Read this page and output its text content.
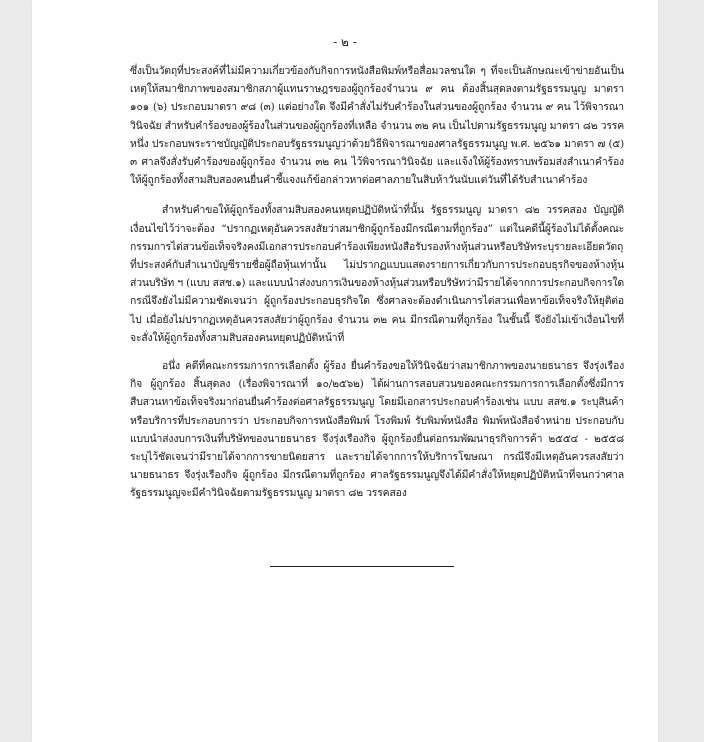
- ๒ -

ซึ่งเป็นวัตถุที่ประสงค์ที่ไม่มีความเกี่ยวข้องกับกิจการหนังสือพิมพ์หรือสื่อมวลชนใด ๆ ที่จะเป็นลักษณะเข้าข่ายอันเป็นเหตุให้สมาชิกภาพของสมาชิกสภาผู้แทนราษฎรของผู้ถูกร้องจำนวน ๙ คน ต้องสิ้นสุดลงตามรัฐธรรมนูญ มาตรา ๑๐๑ (๖) ประกอบมาตรา ๙๘ (๓) แต่อย่างใด จึงมีคำสั่งไม่รับคำร้องในส่วนของผู้ถูกร้อง จำนวน ๙ คน ไว้พิจารณาวินิจฉัย สำหรับคำร้องของผู้ร้องในส่วนของผู้ถูกร้องที่เหลือ จำนวน ๓๒ คน เป็นไปตามรัฐธรรมนูญ มาตรา ๘๒ วรรคหนึ่ง ประกอบพระราชบัญญัติประกอบรัฐธรรมนูญว่าด้วยวิธีพิจารณาของศาลรัฐธรรมนูญ พ.ศ. ๒๕๖๑ มาตรา ๗ (๕) ๓ ศาลจึงสั่งรับคำร้องของผู้ถูกร้อง จำนวน ๓๒ คน ไว้พิจารณาวินิจฉัย และแจ้งให้ผู้ร้องทราบพร้อมส่งสำเนาคำร้องให้ผู้ถูกร้องทั้งสามสิบสองคนยื่นคำชี้แจงแก้ข้อกล่าวหาต่อศาลภายในสิบห้าวันนับแต่วันที่ได้รับสำเนาคำร้อง

สำหรับคำขอให้ผู้ถูกร้องทั้งสามสิบสองคนหยุดปฏิบัติหน้าที่นั้น รัฐธรรมนูญ มาตรา ๘๒ วรรคสอง บัญญัติเงื่อนไขไว้ว่าจะต้อง “ปรากฏเหตุอันควรสงสัยว่าสมาชิกผู้ถูกร้องมีกรณีตามที่ถูกร้อง” แต่ในคดีนี้ผู้ร้องไม่ได้ตั้งคณะกรรมการไต่สวนข้อเท็จจริงคงมีเอกสารประกอบคำร้องเพียงหนังสือรับรองห้างหุ้นส่วนหรือบริษัทระบุรายละเอียดวัตถุที่ประสงค์กับสำเนาบัญชีรายชื่อผู้ถือหุ้นเท่านั้น ไม่ปรากฏแบบแสดงรายการเกี่ยวกับการประกอบธุรกิจของห้างหุ้นส่วนบริษัท ฯ (แบบ สสช.๑) และแบบนำส่งงบการเงินของห้างหุ้นส่วนหรือบริษัทว่ามีรายได้จากการประกอบกิจการใด กรณีจึงยังไม่มีความชัดเจนว่า ผู้ถูกร้องประกอบธุรกิจใด ซึ่งศาลจะต้องดำเนินการไต่สวนเพื่อหาข้อเท็จจริงให้ยุติต่อไป เมื่อยังไม่ปรากฏเหตุอันควรสงสัยว่าผู้ถูกร้อง จำนวน ๓๒ คน มีกรณีตามที่ถูกร้อง ในชั้นนี้ จึงยังไม่เข้าเงื่อนไขที่จะสั่งให้ผู้ถูกร้องทั้งสามสิบสองคนหยุดปฏิบัติหน้าที่

อนึ่ง คดีที่คณะกรรมการการเลือกตั้ง ผู้ร้อง ยื่นคำร้องขอให้วินิจฉัยว่าสมาชิกภาพของนายธนาธร จึงรุ่งเรืองกิจ ผู้ถูกร้อง สิ้นสุดลง (เรื่องพิจารณาที่ ๑๐/๒๕๖๒) ได้ผ่านการสอบสวนของคณะกรรมการการเลือกตั้งซึ่งมีการสืบสวนหาข้อเท็จจริงมาก่อนยื่นคำร้องต่อศาลรัฐธรรมนูญ โดยมีเอกสารประกอบคำร้องเช่น แบบ สสช.๑ ระบุสินค้าหรือบริการที่ประกอบการว่า ประกอบกิจการหนังสือพิมพ์ โรงพิมพ์ รับพิมพ์หนังสือ พิมพ์หนังสือจำหน่าย ประกอบกับแบบนำส่งงบการเงินที่บริษัทของนายธนาธร จึงรุ่งเรืองกิจ ผู้ถูกร้องยื่นต่อกรมพัฒนาธุรกิจการค้า ๒๕๕๔ - ๒๕๕๘ ระบุไว้ชัดเจนว่ามีรายได้จากการขายนิตยสาร และรายได้จากการให้บริการโฆษณา กรณีจึงมีเหตุอันควรสงสัยว่า นายธนาธร จึงรุ่งเรืองกิจ ผู้ถูกร้อง มีกรณีตามที่ถูกร้อง ศาลรัฐธรรมนูญจึงได้มีคำสั่งให้หยุดปฏิบัติหน้าที่จนกว่าศาลรัฐธรรมนูญจะมีคำวินิจฉัยตามรัฐธรรมนูญ มาตรา ๘๒ วรรคสอง
